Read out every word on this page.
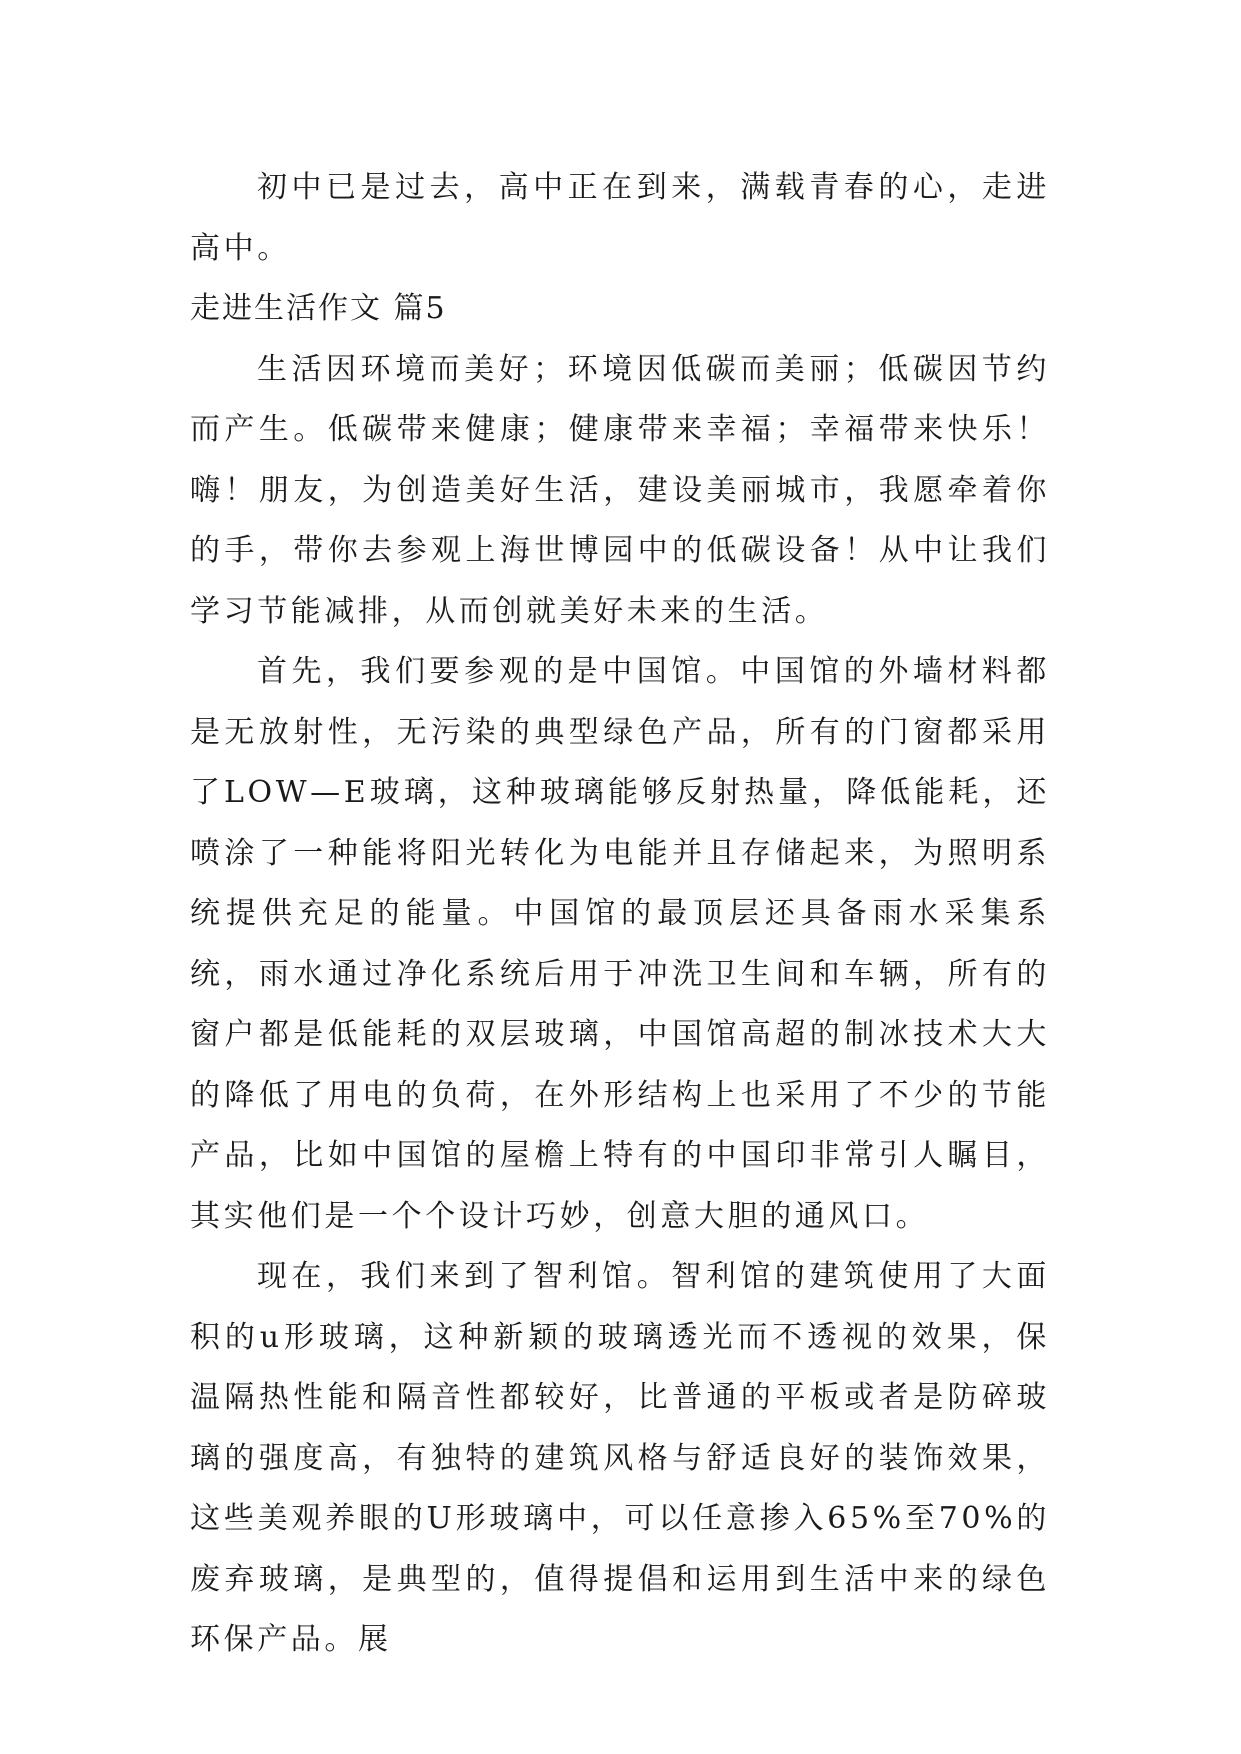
初中已是过去，高中正在到来，满载青春的心，走进高中。

走进生活作文 篇5

生活因环境而美好；环境因低碳而美丽；低碳因节约而产生。低碳带来健康；健康带来幸福；幸福带来快乐！ 嗨！朋友，为创造美好生活，建设美丽城市，我愿牵着你的手，带你去参观上海世博园中的低碳设备！从中让我们学习节能减排，从而创就美好未来的生活。

首先，我们要参观的是中国馆。中国馆的外墙材料都是无放射性，无污染的典型绿色产品，所有的门窗都采用了LOW—E玻璃，这种玻璃能够反射热量，降低能耗，还喷涂了一种能将阳光转化为电能并且存储起来，为照明系统提供充足的能量。中国馆的最顶层还具备雨水采集系统，雨水通过净化系统后用于冲洗卫生间和车辆，所有的窗户都是低能耗的双层玻璃，中国馆高超的制冰技术大大的降低了用电的负荷，在外形结构上也采用了不少的节能产品，比如中国馆的屋檐上特有的中国印非常引人瞩目，其实他们是一个个设计巧妙，创意大胆的通风口。

现在，我们来到了智利馆。智利馆的建筑使用了大面积的u形玻璃，这种新颖的玻璃透光而不透视的效果，保温隔热性能和隔音性都较好，比普通的平板或者是防碎玻璃的强度高，有独特的建筑风格与舒适良好的装饰效果，这些美观养眼的U形玻璃中，可以任意掺入65%至70%的废弃玻璃，是典型的，值得提倡和运用到生活中来的绿色环保产品。展
